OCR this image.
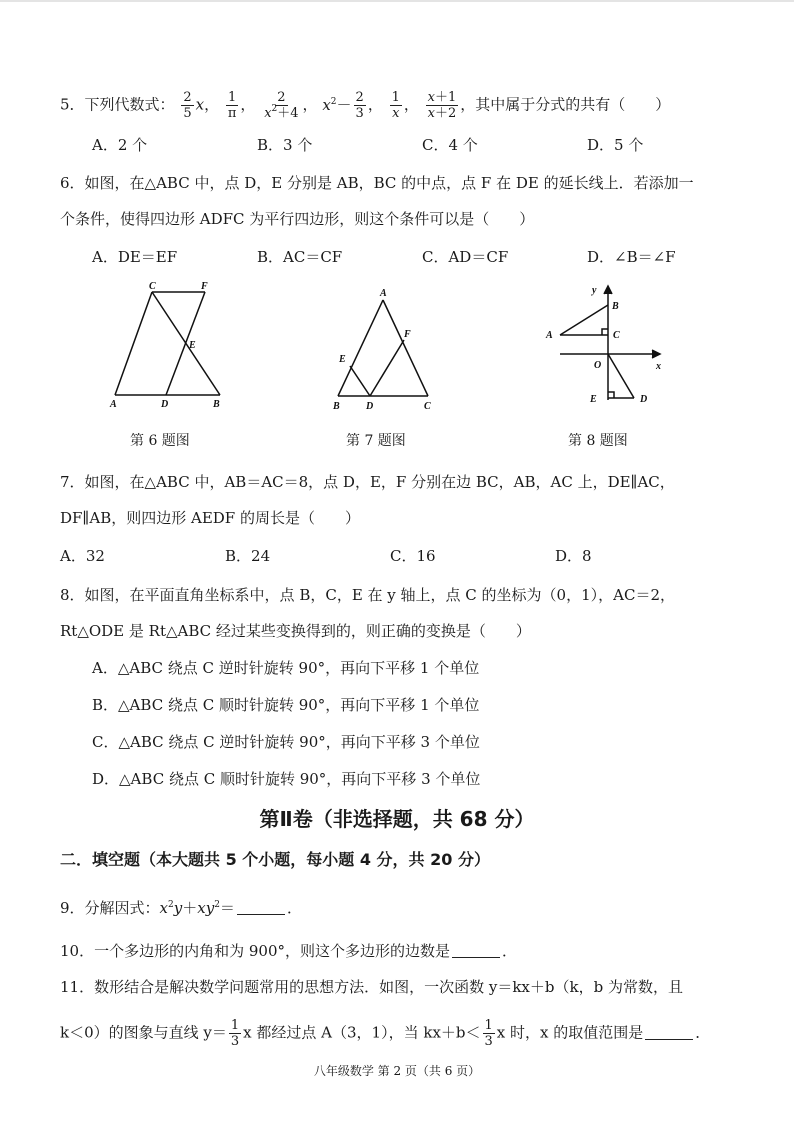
5．下列代数式： $\frac{2}{5}$ x， $\frac{1}{\pi}$ ， $\frac{2}{x^2+4}$ ， $x^2- \frac{2}{3}$ ， $\frac{1}{x}$ ， $\frac{x+1}{x+2}$ ，其中属于分式的共有（　　）
A．2 个	B．3 个	C．4 个	D．5 个
6．如图，在△ABC 中，点 D，E 分别是 AB，BC 的中点，点 F 在 DE 的延长线上．若添加一
个条件，使得四边形 ADFC 为平行四边形，则这个条件可以是（　　）
A．DE＝EF	B．AC＝CF	C．AD＝CF	D．∠B＝∠F
C	F
E
A	D	B
第 6 题图
A
F
E
B	D	C
第 7 题图
y
B
C
A
O	x
E	D
第 8 题图
7．如图，在△ABC 中，AB＝AC＝8，点 D，E，F 分别在边 BC，AB，AC 上，DE∥AC，
DF∥AB，则四边形 AEDF 的周长是（　　）
A．32	B．24	C．16	D．8
8．如图，在平面直角坐标系中，点 B，C，E 在 y 轴上，点 C 的坐标为（0，1），AC＝2，
Rt△ODE 是 Rt△ABC 经过某些变换得到的，则正确的变换是（　　）
A．△ABC 绕点 C 逆时针旋转 90°，再向下平移 1 个单位
B．△ABC 绕点 C 顺时针旋转 90°，再向下平移 1 个单位
C．△ABC 绕点 C 逆时针旋转 90°，再向下平移 3 个单位
D．△ABC 绕点 C 顺时针旋转 90°，再向下平移 3 个单位
第Ⅱ卷（非选择题，共 68 分）
二．填空题（本大题共 5 个小题，每小题 4 分，共 20 分）
9．分解因式：$x^2y+xy^2=$	．
10．一个多边形的内角和为 900°，则这个多边形的边数是	．
11．数形结合是解决数学问题常用的思想方法．如图，一次函数 y＝kx＋b（k，b 为常数，且
k＜0）的图象与直线 $y= \frac{1}{3}$ x 都经过点 A（3，1），当 $kx+b< \frac{1}{3}$ x 时，x 的取值范围是	．
八年级数学 第 2 页（共 6 页）
